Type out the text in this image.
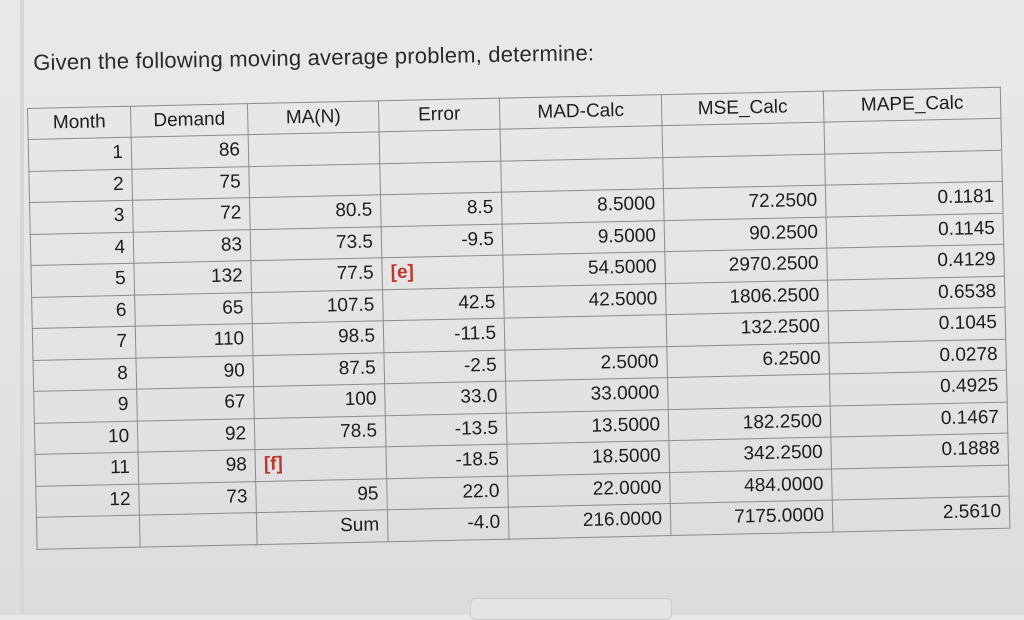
Given the following moving average problem, determine:
Month	Demand	MA(N)	Error	MAD-Calc	MSE_Calc	MAPE_Calc
1	86					
2	75					
3	72	80.5	8.5	8.5000	72.2500	0.1181
4	83	73.5	-9.5	9.5000	90.2500	0.1145
5	132	77.5	[e]	54.5000	2970.2500	0.4129
6	65	107.5	42.5	42.5000	1806.2500	0.6538
7	110	98.5	-11.5		132.2500	0.1045
8	90	87.5	-2.5	2.5000	6.2500	0.0278
9	67	100	33.0	33.0000		0.4925
10	92	78.5	-13.5	13.5000	182.2500	0.1467
11	98	[f]	-18.5	18.5000	342.2500	0.1888
12	73	95	22.0	22.0000	484.0000	
		Sum	-4.0	216.0000	7175.0000	2.5610
